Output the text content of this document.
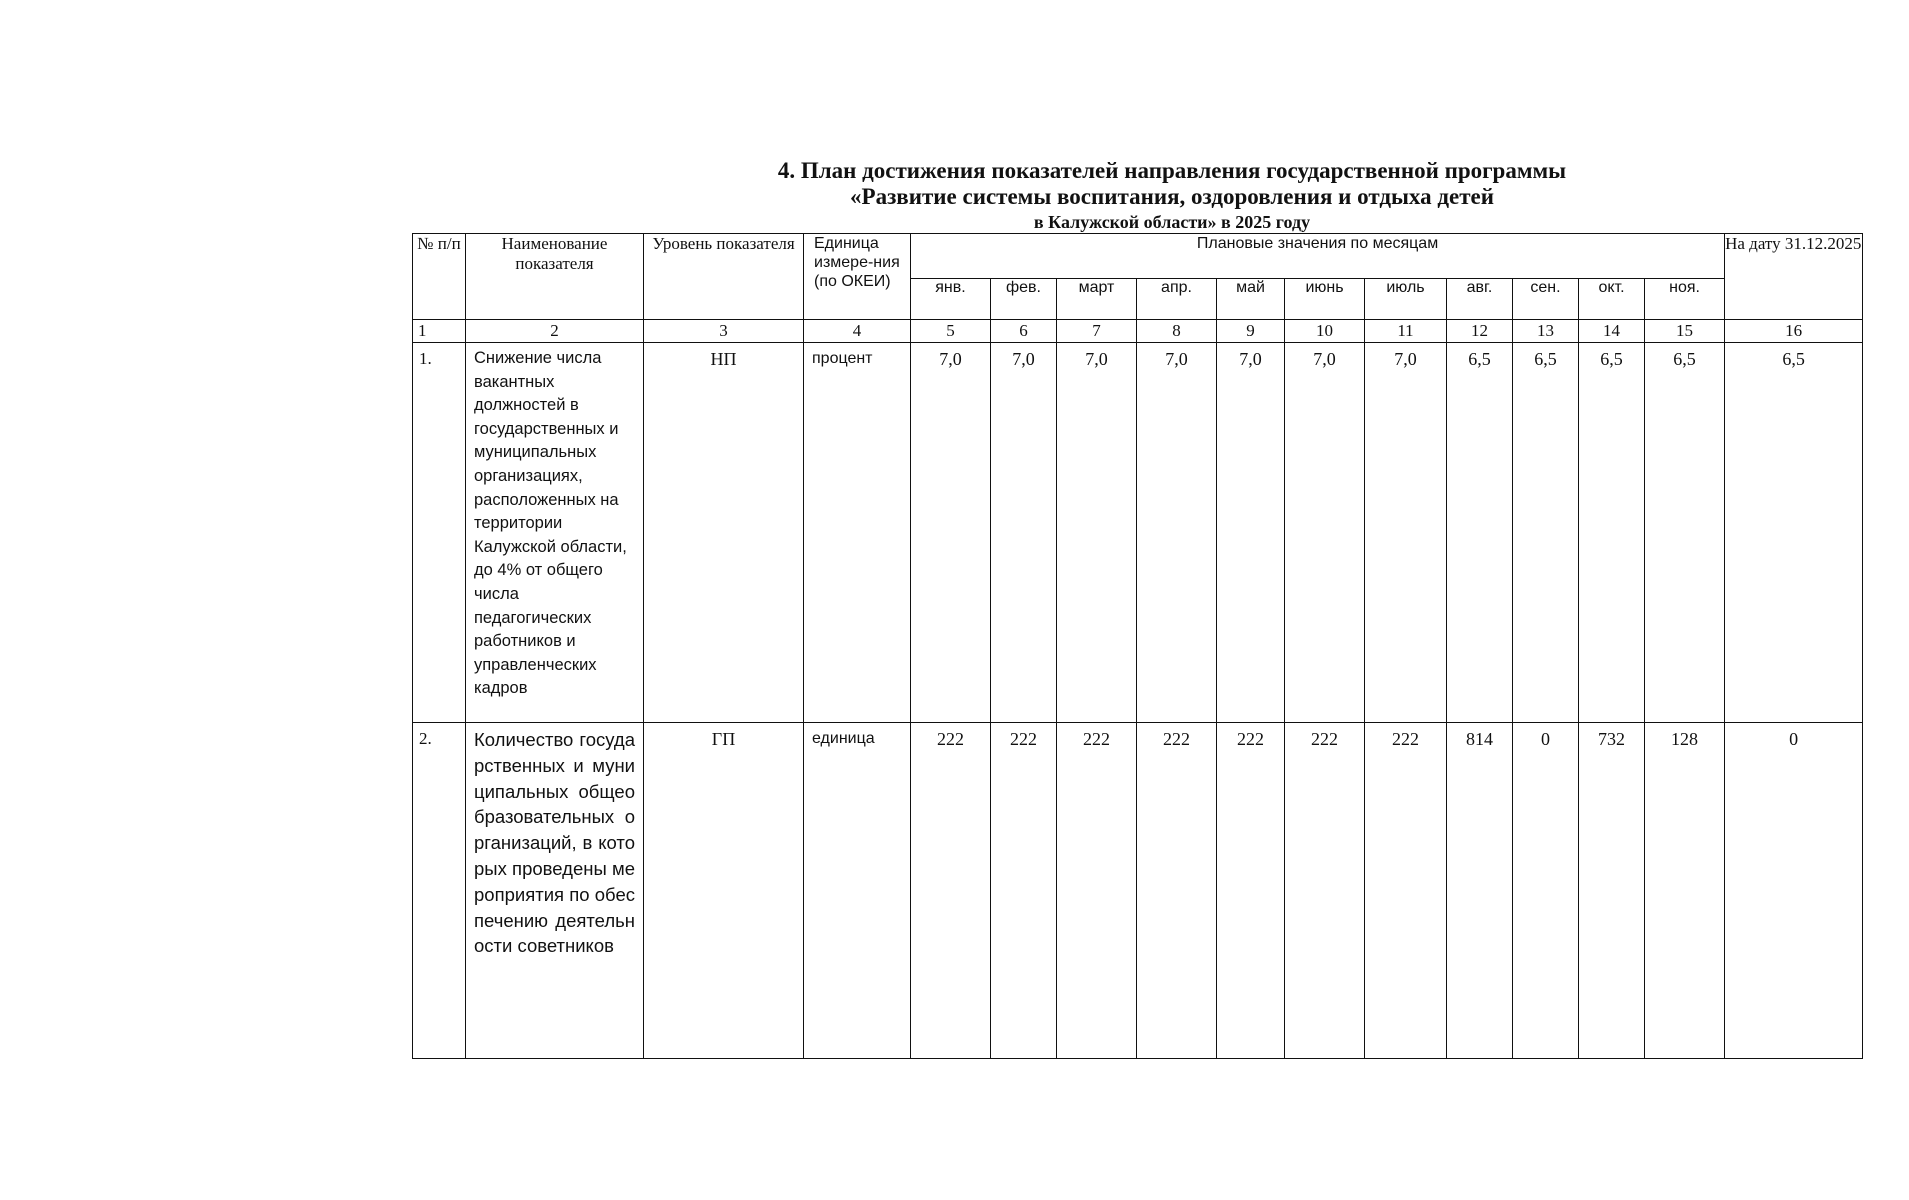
4. План достижения показателей направления государственной программы
«Развитие системы воспитания, оздоровления и отдыха детей
в Калужской области» в 2025 году
№ п/п	Наименование показателя	Уровень показателя	Единица измере-ния (по ОКЕИ)	Плановые значения по месяцам											На дату 31.12.2025
				янв.	фев.	март	апр.	май	июнь	июль	авг.	сен.	окт.	ноя.	
1	2	3	4	5	6	7	8	9	10	11	12	13	14	15	16
1.	Снижение числа вакантных должностей в государственных и муниципальных организациях, расположенных на территории Калужской области, до 4% от общего числа педагогических работников и управленческих кадров	НП	процент	7,0	7,0	7,0	7,0	7,0	7,0	7,0	6,5	6,5	6,5	6,5	6,5
2.	Количество государственных и муниципальных общеобразовательных организаций, в которых проведены мероприятия по обеспечению деятельности советников	ГП	единица	222	222	222	222	222	222	222	814	0	732	128	0
